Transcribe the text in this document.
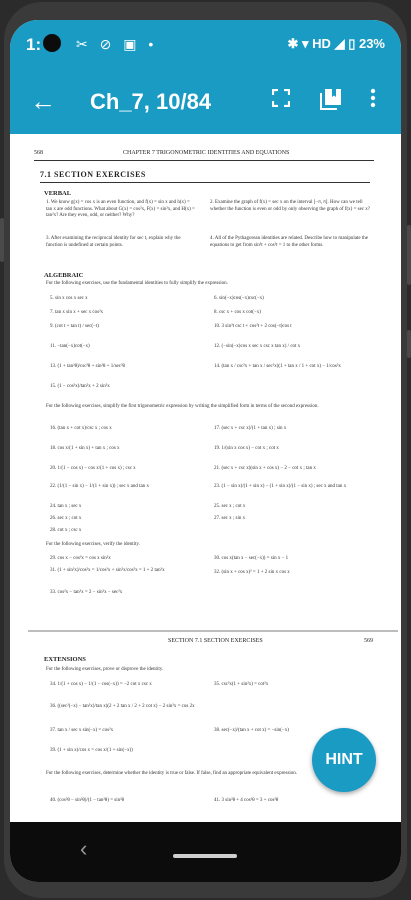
1: ✂ ⊘ ▣ •	✱ ▾ HD ◢ ▯ 23%
← Ch_7, 10/84
568	CHAPTER 7 TRIGONOMETRIC IDENTITIES AND EQUATIONS
7.1 SECTION EXERCISES
VERBAL
1. We know g(x) = cos x is an even function, and f(x) = sin x and h(x) = tan x are odd functions. What about G(x) = cos²x, F(x) = sin²x, and H(x) = tan²x? Are they even, odd, or neither? Why?
2. Examine the graph of f(x) = sec x on the interval [−π, π]. How can we tell whether the function is even or odd by only observing the graph of f(x) = sec x?
3. After examining the reciprocal identity for sec t, explain why the function is undefined at certain points.
4. All of the Pythagorean identities are related. Describe how to manipulate the equations to get from sin²t + cos²t = 1 to the other forms.
ALGEBRAIC
For the following exercises, use the fundamental identities to fully simplify the expression.
5. sin x cos x sec x	6. sin(−x)cos(−x)csc(−x)
7. tan x sin x + sec x cos²x	8. csc x + cos x cot(−x)
9. (cot t + tan t) / sec(−t)	10. 3 sin³t csc t + cos²t + 2 cos(−t)cos t
11. −tan(−x)cot(−x)	12. (−sin(−x)cos x sec x csc x tan x) / cot x
13. (1 + tan²θ)/csc²θ + sin²θ + 1/sec²θ	14. (tan x / csc²x + tan x / sec²x)(1 + tan x / 1 + cot x) − 1/cos²x
15. (1 − cos²x)/tan²x + 2 sin²x
For the following exercises, simplify the first trigonometric expression by writing the simplified form in terms of the second expression.
16. (tan x + cot x)/csc x ; cos x	17. (sec x + csc x)/(1 + tan x) ; sin x
18. cos x/(1 + sin x) + tan x ; cos x	19. 1/(sin x cos x) − cot x ; cot x
20. 1/(1 − cos x) − cos x/(1 + cos x) ; csc x	21. (sec x + csc x)(sin x + cos x) − 2 − cot x ; tan x
22. (1/(1 − sin x) − 1/(1 + sin x)) ; sec x and tan x	23. (1 − sin x)/(1 + sin x) − (1 + sin x)/(1 − sin x) ; sec x and tan x
24. tan x ; sec x	25. sec x ; cot x
26. sec x ; cot x	27. sec x ; sin x
28. cot x ; csc x
For the following exercises, verify the identity.
29. cos x − cos³x = cos x sin²x	30. cos x(tan x − sec(−x)) = sin x − 1
31. (1 + sin²x)/cos²x = 1/cos²x + sin²x/cos²x = 1 + 2 tan²x	32. (sin x + cos x)² = 1 + 2 sin x cos x
33. cos²x − tan²x = 2 − sin²x − sec²x
SECTION 7.1 SECTION EXERCISES	569
EXTENSIONS
For the following exercises, prove or disprove the identity.
34. 1/(1 + cos x) − 1/(1 − cos(−x)) = −2 cot x csc x	35. csc²x(1 + sin²x) = cot²x
36. ((sec²(−x) − tan²x)/tan x)(2 + 2 tan x / 2 + 2 cot x) − 2 sin²x = cos 2x
37. tan x / sec x sin(−x) = cos²x	38. sec(−x)/(tan x + cot x) = −sin(−x)
39. (1 + sin x)/cos x = cos x/(1 + sin(−x))
For the following exercises, determine whether the identity is true or false. If false, find an appropriate equivalent expression.
40. (cos²θ − sin²θ)/(1 − tan²θ) = sin²θ	41. 3 sin²θ + 4 cos²θ = 3 + cos²θ
HINT
‹
